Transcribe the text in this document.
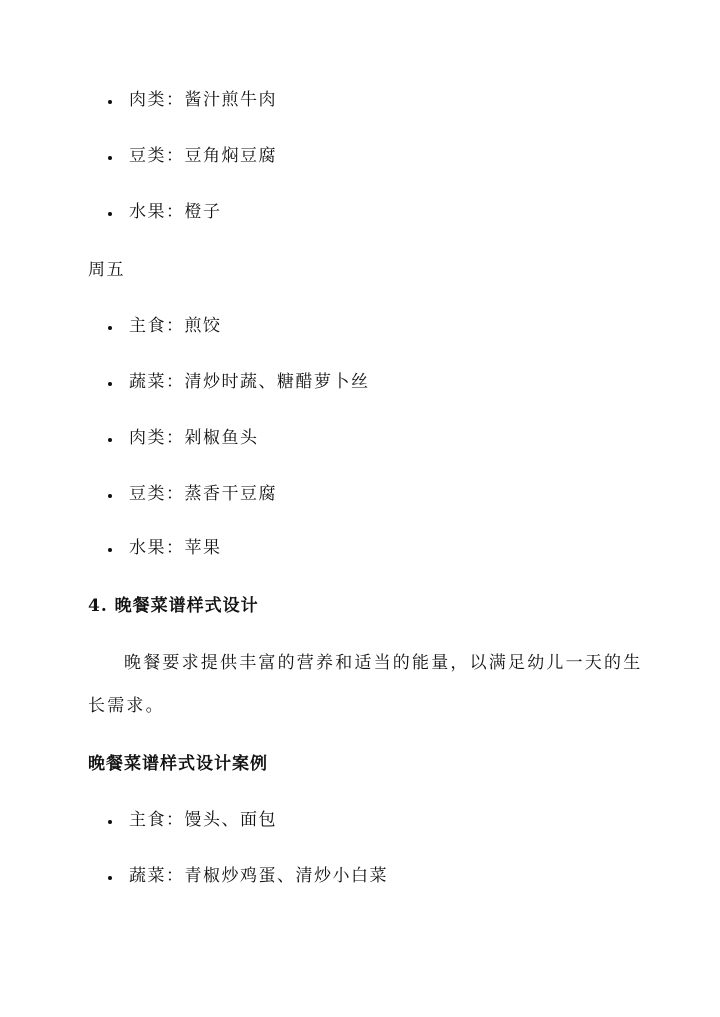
肉类：酱汁煎牛肉
豆类：豆角焖豆腐
水果：橙子
周五
主食：煎饺
蔬菜：清炒时蔬、糖醋萝卜丝
肉类：剁椒鱼头
豆类：蒸香干豆腐
水果：苹果
4. 晚餐菜谱样式设计
晚餐要求提供丰富的营养和适当的能量，以满足幼儿一天的生
长需求。
晚餐菜谱样式设计案例
主食：馒头、面包
蔬菜：青椒炒鸡蛋、清炒小白菜
